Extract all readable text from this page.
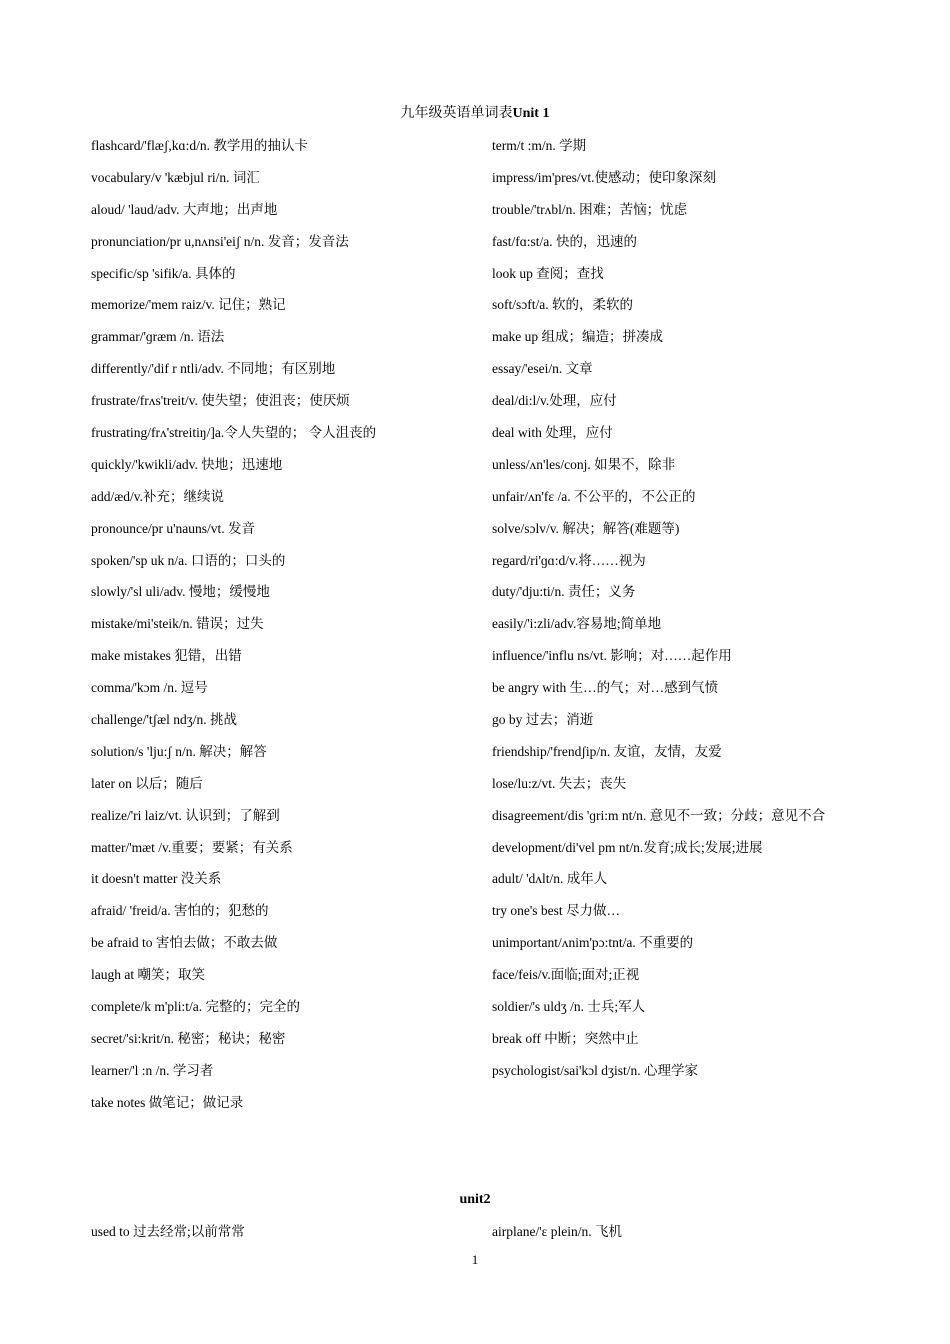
九年级英语单词表Unit 1
flashcard/'flæʃ,kɑ:d/n. 教学用的抽认卡
vocabulary/v 'kæbjul ri/n. 词汇
aloud/ 'laud/adv. 大声地；出声地
pronunciation/pr u,nʌnsi'eiʃ n/n. 发音；发音法
specific/sp 'sifik/a. 具体的
memorize/'mem raiz/v. 记住；熟记
grammar/'ɡræm /n. 语法
differently/'dif r ntli/adv. 不同地；有区别地
frustrate/frʌs'treit/v. 使失望；使沮丧；使厌烦
frustrating/frʌ'streitiŋ/]a.令人失望的； 令人沮丧的
quickly/'kwikli/adv. 快地；迅速地
add/æd/v.补充；继续说
pronounce/pr u'nauns/vt. 发音
spoken/'sp uk n/a. 口语的；口头的
slowly/'sl uli/adv. 慢地；缓慢地
mistake/mi'steik/n. 错误；过失
make mistakes 犯错，出错
comma/'kɔm /n. 逗号
challenge/'tʃæl ndʒ/n. 挑战
solution/s 'lju:ʃ n/n. 解决；解答
later on 以后；随后
realize/'ri laiz/vt. 认识到；了解到
matter/'mæt /v.重要；要紧；有关系
it doesn't matter 没关系
afraid/ 'freid/a. 害怕的；犯愁的
be afraid to 害怕去做；不敢去做
laugh at 嘲笑；取笑
complete/k m'pli:t/a. 完整的；完全的
secret/'si:krit/n. 秘密；秘诀；秘密
learner/'l :n /n. 学习者
take notes 做笔记；做记录
term/t :m/n. 学期
impress/im'pres/vt.使感动；使印象深刻
trouble/'trʌbl/n. 困难；苦恼；忧虑
fast/fɑ:st/a. 快的，迅速的
look up 查阅；查找
soft/sɔft/a. 软的，柔软的
make up 组成；编造；拼凑成
essay/'esei/n. 文章
deal/di:l/v.处理，应付
deal with 处理，应付
unless/ʌn'les/conj. 如果不，除非
unfair/ʌn'fɛ /a. 不公平的，不公正的
solve/sɔlv/v. 解决；解答(难题等)
regard/ri'ɡɑ:d/v.将……视为
duty/'dju:ti/n. 责任；义务
easily/'i:zli/adv.容易地;简单地
influence/'influ ns/vt. 影响；对……起作用
be angry with 生…的气；对…感到气愤
go by 过去；消逝
friendship/'frendʃip/n. 友谊，友情，友爱
lose/lu:z/vt. 失去；丧失
disagreement/dis 'ɡri:m nt/n. 意见不一致；分歧；意见不合
development/di'vel pm nt/n.发育;成长;发展;进展
adult/ 'dʌlt/n. 成年人
try one's best 尽力做…
unimportant/ʌnim'pɔ:tnt/a. 不重要的
face/feis/v.面临;面对;正视
soldier/'s uldʒ /n. 士兵;军人
break off 中断；突然中止
psychologist/sai'kɔl dʒist/n. 心理学家
unit2
used to 过去经常;以前常常	airplane/'ɛ plein/n. 飞机
1
